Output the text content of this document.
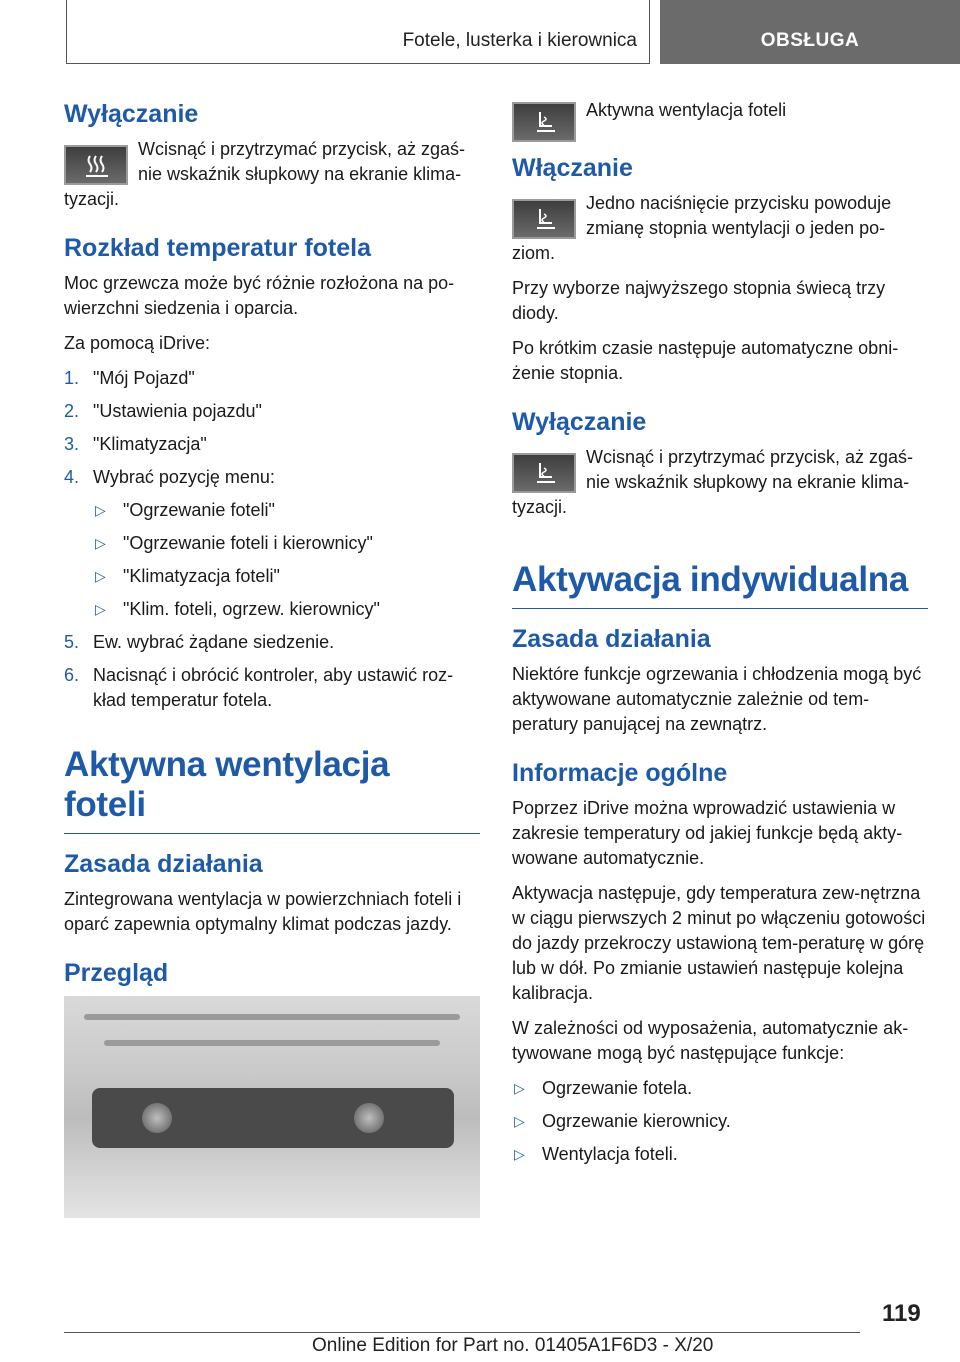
Fotele, lusterka i kierownica	OBSŁUGA
Wyłączanie

Wcisnąć i przytrzymać przycisk, aż zgaś-nie wskaźnik słupkowy na ekranie klima-tyzacji.

Rozkład temperatur fotela

Moc grzewcza może być różnie rozłożona na po-wierzchni siedzenia i oparcia.

Za pomocą iDrive:

1. "Mój Pojazd"
2. "Ustawienia pojazdu"
3. "Klimatyzacja"
4. Wybrać pozycję menu:
▷ "Ogrzewanie foteli"
▷ "Ogrzewanie foteli i kierownicy"
▷ "Klimatyzacja foteli"
▷ "Klim. foteli, ogrzew. kierownicy"
5. Ew. wybrać żądane siedzenie.
6. Nacisnąć i obrócić kontroler, aby ustawić roz-kład temperatur fotela.
Aktywna wentylacja foteli
Zasada działania

Zintegrowana wentylacja w powierzchniach foteli i oparć zapewnia optymalny klimat podczas jazdy.

Przegląd

Aktywna wentylacja foteli

Włączanie

Jedno naciśnięcie przycisku powoduje zmianę stopnia wentylacji o jeden po-ziom.

Przy wyborze najwyższego stopnia świecą trzy diody.

Po krótkim czasie następuje automatyczne obni-żenie stopnia.

Wyłączanie

Wcisnąć i przytrzymać przycisk, aż zgaś-nie wskaźnik słupkowy na ekranie klima-tyzacji.

Aktywacja indywidualna
Zasada działania

Niektóre funkcje ogrzewania i chłodzenia mogą być aktywowane automatycznie zależnie od tem-peratury panującej na zewnątrz.

Informacje ogólne

Poprzez iDrive można wprowadzić ustawienia w zakresie temperatury od jakiej funkcje będą akty-wowane automatycznie.

Aktywacja następuje, gdy temperatura zew-nętrzna w ciągu pierwszych 2 minut po włączeniu gotowości do jazdy przekroczy ustawioną tem-peraturę w górę lub w dół. Po zmianie ustawień następuje kolejna kalibracja.

W zależności od wyposażenia, automatycznie ak-tywowane mogą być następujące funkcje:

▷ Ogrzewanie fotela.
▷ Ogrzewanie kierownicy.
▷ Wentylacja foteli.
119
Online Edition for Part no. 01405A1F6D3 - X/20
